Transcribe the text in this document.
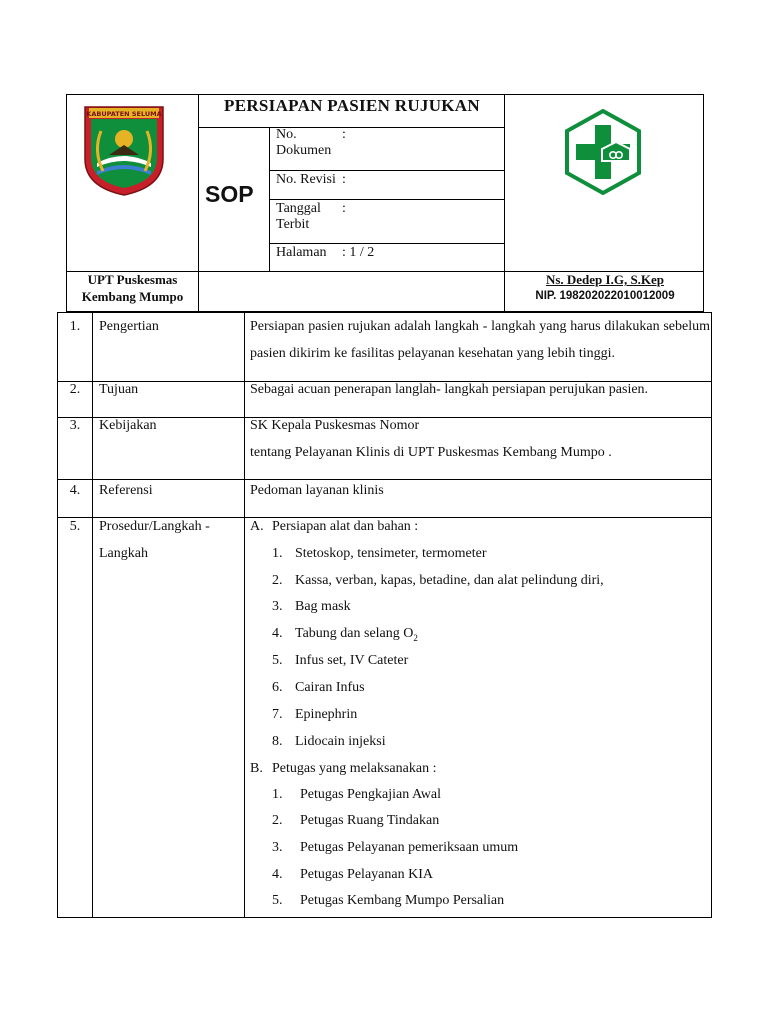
KABUPATEN SELUMA	PERSIAPAN PASIEN RUJUKAN
SOP
No.
Dokumen:
No. Revisi :
Tanggal
Terbit:
Halaman : 1 / 2
UPT Puskesmas Kembang Mumpo
Ns. Dedep I.G, S.Kep
NIP. 198202022010012009
1.	Pengertian	Persiapan pasien rujukan adalah langkah - langkah yang harus dilakukan sebelum pasien dikirim ke fasilitas pelayanan kesehatan yang lebih tinggi.
2.	Tujuan	Sebagai acuan penerapan langlah- langkah persiapan perujukan pasien.
3.	Kebijakan	SK Kepala Puskesmas Nomor
tentang Pelayanan Klinis di UPT Puskesmas Kembang Mumpo .
4.	Referensi	Pedoman layanan klinis
5.	Prosedur/Langkah - Langkah
A. Persiapan alat dan bahan :
1. Stetoskop, tensimeter, termometer
2. Kassa, verban, kapas, betadine, dan alat pelindung diri,
3. Bag mask
4. Tabung dan selang $O_2$
5. Infus set, IV Cateter
6. Cairan Infus
7. Epinephrin
8. Lidocain injeksi
B. Petugas yang melaksanakan :
1. Petugas Pengkajian Awal
2. Petugas Ruang Tindakan
3. Petugas Pelayanan pemeriksaan umum
4. Petugas Pelayanan KIA
5. Petugas Kembang Mumpo Persalian
